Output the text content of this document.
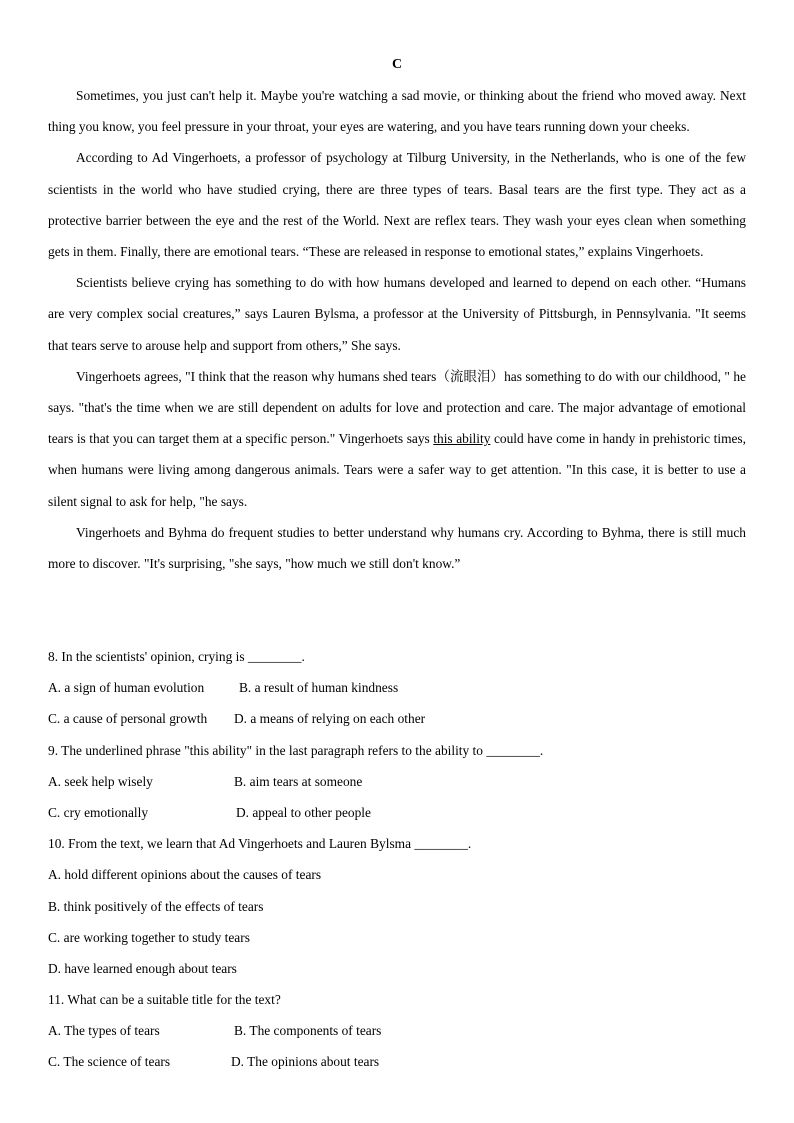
C

Sometimes, you just can't help it. Maybe you're watching a sad movie, or thinking about the friend who moved away. Next thing you know, you feel pressure in your throat, your eyes are watering, and you have tears running down your cheeks.

According to Ad Vingerhoets, a professor of psychology at Tilburg University, in the Netherlands, who is one of the few scientists in the world who have studied crying, there are three types of tears. Basal tears are the first type. They act as a protective barrier between the eye and the rest of the World. Next are reflex tears. They wash your eyes clean when something gets in them. Finally, there are emotional tears. “These are released in response to emotional states,” explains Vingerhoets.

Scientists believe crying has something to do with how humans developed and learned to depend on each other. “Humans are very complex social creatures,” says Lauren Bylsma, a professor at the University of Pittsburgh, in Pennsylvania. "It seems that tears serve to arouse help and support from others,” She says.

Vingerhoets agrees, "I think that the reason why humans shed tears（流眼泪）has something to do with our childhood, " he says. "that's the time when we are still dependent on adults for love and protection and care. The major advantage of emotional tears is that you can target them at a specific person." Vingerhoets says this ability could have come in handy in prehistoric times, when humans were living among dangerous animals. Tears were a safer way to get attention. "In this case, it is better to use a silent signal to ask for help, "he says.

Vingerhoets and Byhma do frequent studies to better understand why humans cry. According to Byhma, there is still much more to discover. "It's surprising, "she says, "how much we still don't know.”

8. In the scientists' opinion, crying is ________.
A. a sign of human evolution	B. a result of human kindness
C. a cause of personal growth D. a means of relying on each other
9. The underlined phrase "this ability" in the last paragraph refers to the ability to ________.
A. seek help wisely	B. aim tears at someone
C. cry emotionally	D. appeal to other people
10. From the text, we learn that Ad Vingerhoets and Lauren Bylsma ________.
A. hold different opinions about the causes of tears
B. think positively of the effects of tears
C. are working together to study tears
D. have learned enough about tears
11. What can be a suitable title for the text?
A. The types of tears	B. The components of tears
C. The science of tears	D. The opinions about tears
